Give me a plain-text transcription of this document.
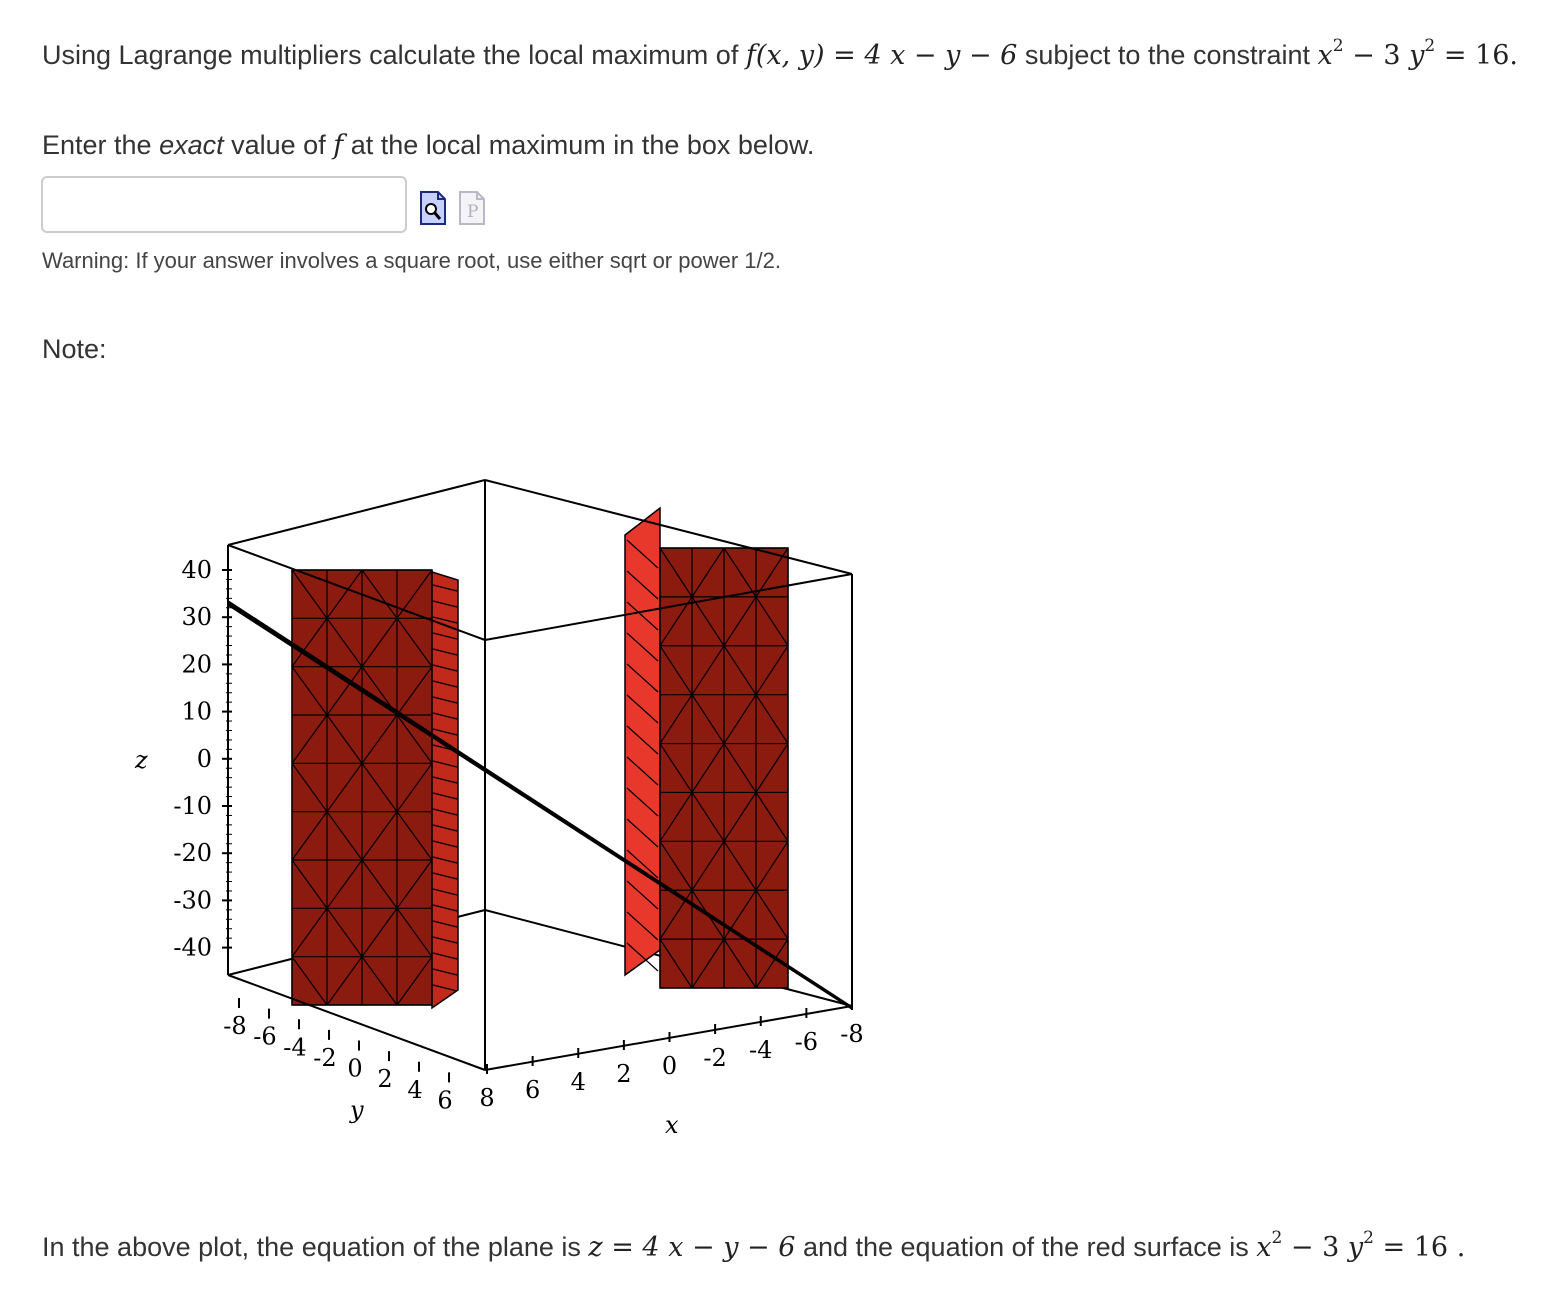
Using Lagrange multipliers calculate the local maximum of f(x, y) = 4 x − y − 6 subject to the constraint $x^2 - 3$ $y^2 = 16$.
Enter the exact value of f at the local maximum in the box below.
P
Warning: If your answer involves a square root, use either sqrt or power 1/2.
Note:
40
30
20
10
0
-10
-20
-30
-40
z
-8 -6 -4 -2 0 2 4 6
y	8 6 4 2 0 -2 -4 -6 -8
x
In the above plot, the equation of the plane is z = 4 x − y − 6 and the equation of the red surface is $x^2 - 3$ $y^2 = 16$ .
